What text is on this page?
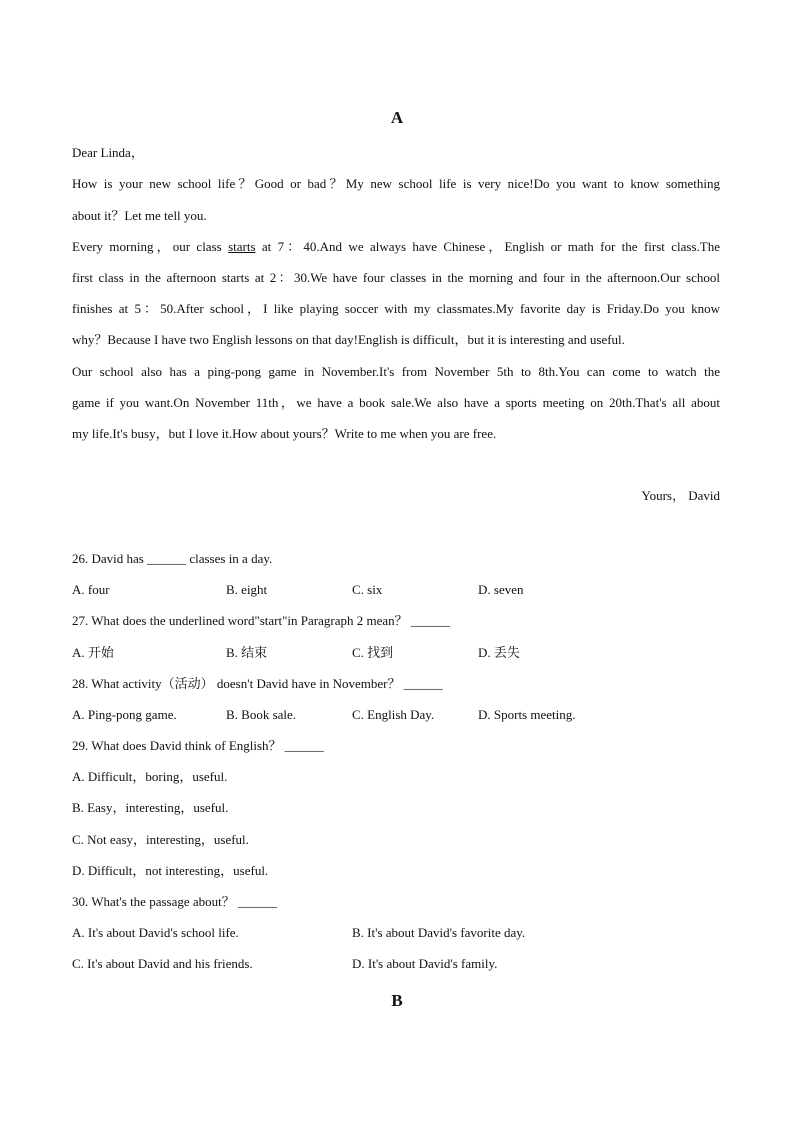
A
Dear Linda，
How is your new school life？Good or bad？My new school life is very nice!Do you want to know something
about it？Let me tell you.
Every morning，our class starts at 7：40.And we always have Chinese，English or math for the first class.The
first class in the afternoon starts at 2：30.We have four classes in the morning and four in the afternoon.Our school
finishes at 5：50.After school，I like playing soccer with my classmates.My favorite day is Friday.Do you know
why？Because I have two English lessons on that day!English is difficult，but it is interesting and useful.
Our school also has a ping-pong game in November.It's from November 5th to 8th.You can come to watch the
game if you want.On November 11th，we have a book sale.We also have a sports meeting on 20th.That's all about
my life.It's busy，but I love it.How about yours？Write to me when you are free.
Yours， David
26. David has ______ classes in a day.
A. four	B. eight	C. six	D. seven
27. What does the underlined word"start"in Paragraph 2 mean？ ______
A. 开始	B. 结束	C. 找到	D. 丢失
28. What activity（活动） doesn't David have in November？ ______
A. Ping-pong game.	B. Book sale.	C. English Day.	D. Sports meeting.
29. What does David think of English？ ______
A. Difficult，boring，useful.
B. Easy，interesting，useful.
C. Not easy，interesting，useful.
D. Difficult，not interesting，useful.
30. What's the passage about？ ______
A. It's about David's school life.	B. It's about David's favorite day.
C. It's about David and his friends.	D. It's about David's family.
B
